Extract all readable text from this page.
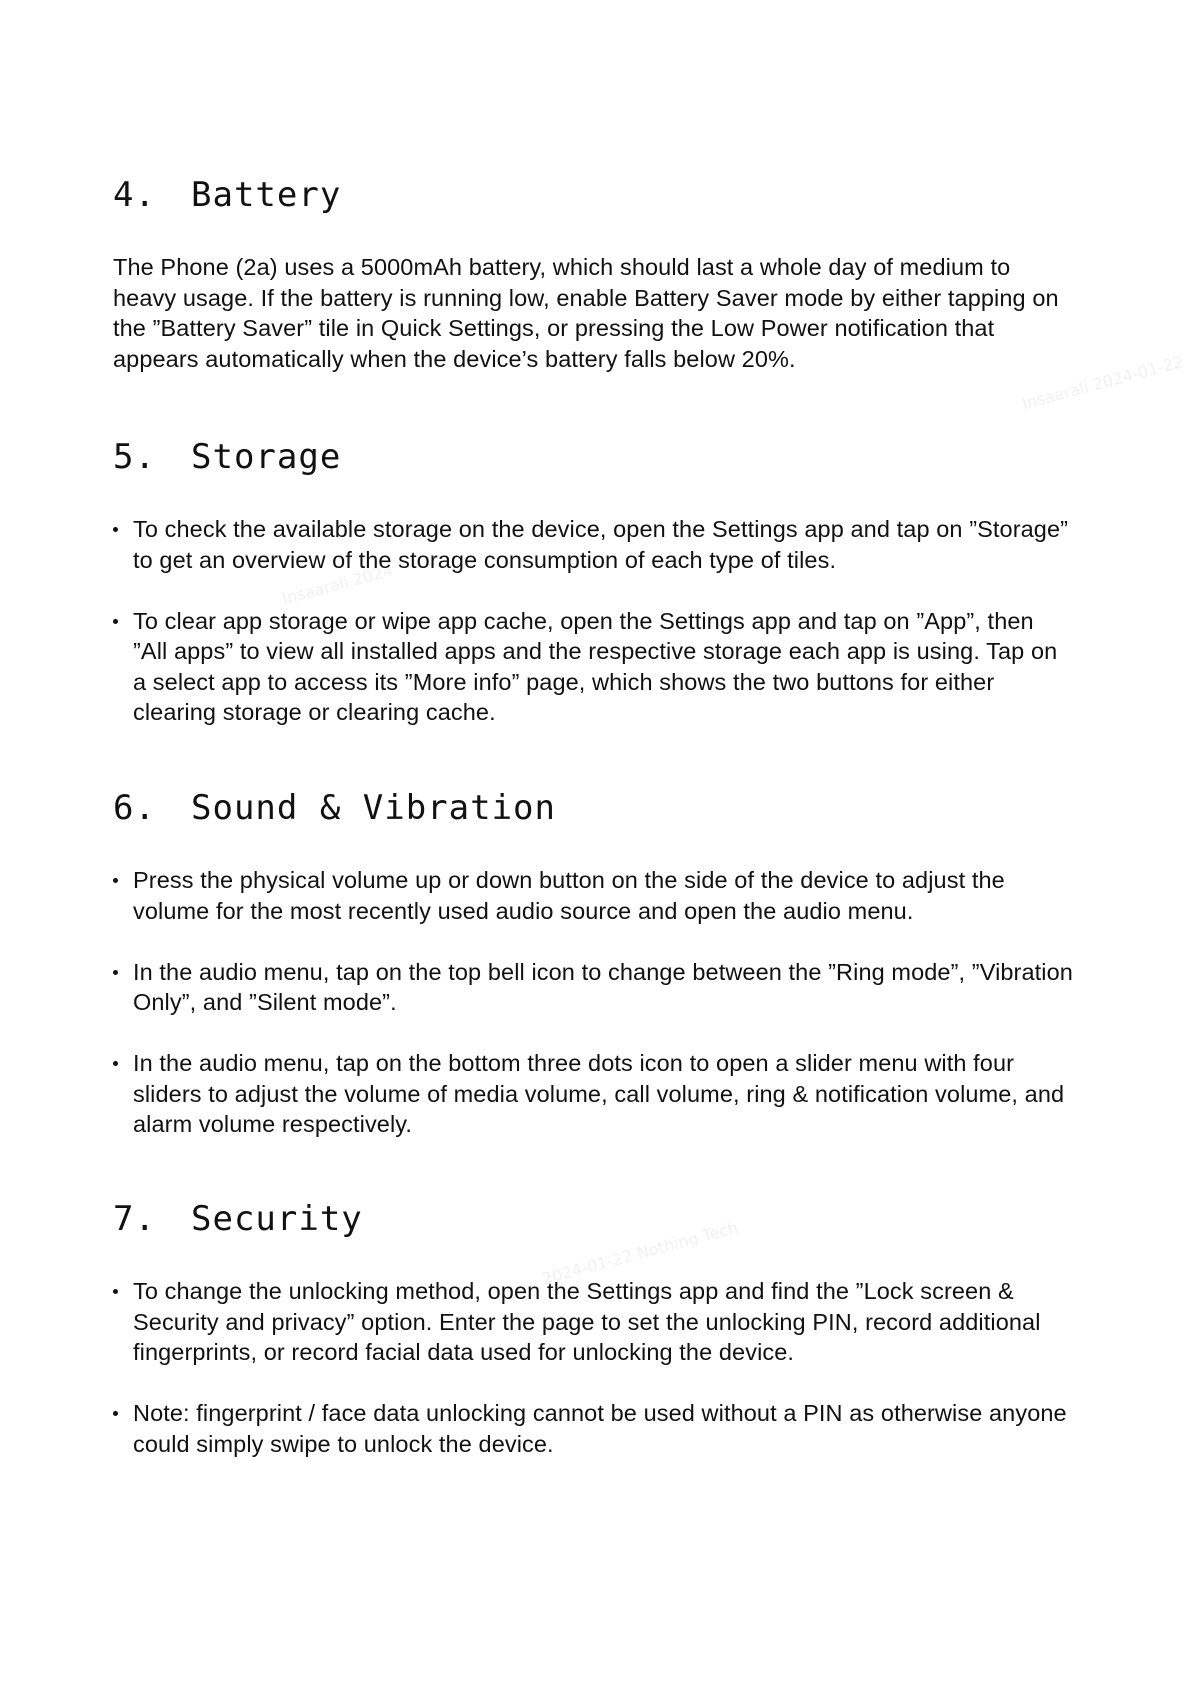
4. Battery

The Phone (2a) uses a 5000mAh battery, which should last a whole day of medium to heavy usage. If the battery is running low, enable Battery Saver mode by either tapping on the ”Battery Saver” tile in Quick Settings, or pressing the Low Power notification that appears automatically when the device’s battery falls below 20%.

5. Storage
To check the available storage on the device, open the Settings app and tap on ”Storage” to get an overview of the storage consumption of each type of tiles.
To clear app storage or wipe app cache, open the Settings app and tap on ”App”, then ”All apps” to view all installed apps and the respective storage each app is using. Tap on a select app to access its ”More info” page, which shows the two buttons for either clearing storage or clearing cache.
6. Sound & Vibration
Press the physical volume up or down button on the side of the device to adjust the volume for the most recently used audio source and open the audio menu.
In the audio menu, tap on the top bell icon to change between the ”Ring mode”, ”Vibration Only”, and ”Silent mode”.
In the audio menu, tap on the bottom three dots icon to open a slider menu with four sliders to adjust the volume of media volume, call volume, ring & notification volume, and alarm volume respectively.
7. Security
To change the unlocking method, open the Settings app and find the ”Lock screen & Security and privacy” option. Enter the page to set the unlocking PIN, record additional fingerprints, or record facial data used for unlocking the device.
Note: fingerprint / face data unlocking cannot be used without a PIN as otherwise anyone could simply swipe to unlock the device.
Insaarali 2024-01-22
Insaarali 2024
2024-01-22 Nothing Tech
